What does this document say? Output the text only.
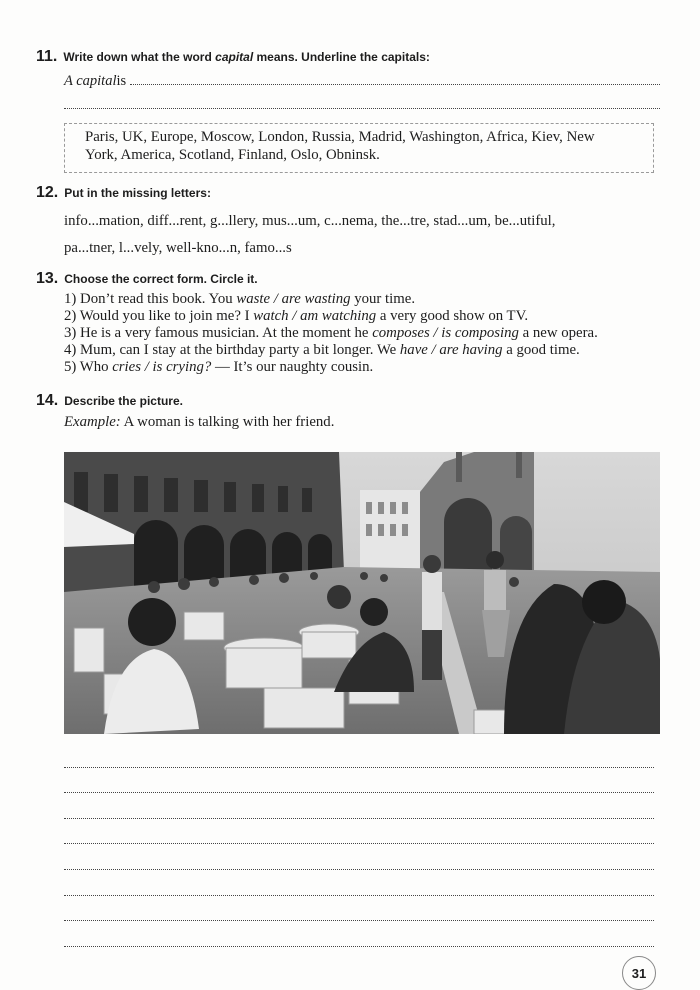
11. Write down what the word capital means. Underline the capitals:
A capital is
Paris, UK, Europe, Moscow, London, Russia, Madrid, Washington, Africa, Kiev, New
York, America, Scotland, Finland, Oslo, Obninsk.
12. Put in the missing letters:
info...mation, diff...rent, g...llery, mus...um, c...nema, the...tre, stad...um, be...utiful,
pa...tner, l...vely, well-kno...n, famo...s
13. Choose the correct form. Circle it.
1) Don’t read this book. You waste / are wasting your time.
2) Would you like to join me? I watch / am watching a very good show on TV.
3) He is a very famous musician. At the moment he composes / is composing a new opera.
4) Mum, can I stay at the birthday party a bit longer. We have / are having a good time.
5) Who cries / is crying? — It’s our naughty cousin.
14. Describe the picture.
Example: A woman is talking with her friend.
31
